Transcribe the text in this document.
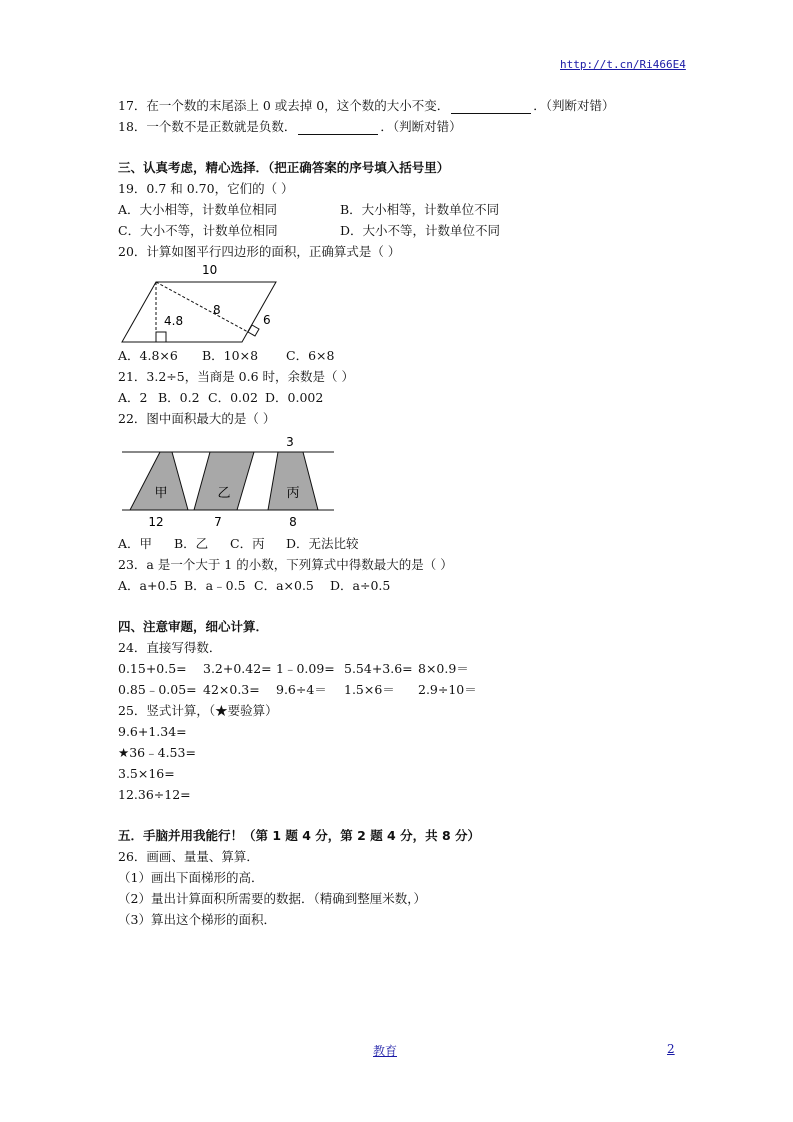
http://t.cn/Ri466E4
17．在一个数的末尾添上 0 或去掉 0，这个数的大小不变．	．（判断对错）
18．一个数不是正数就是负数．	．（判断对错）
三、认真考虑，精心选择．（把正确答案的序号填入括号里）
19．0.7 和 0.70，它们的（ ）
A．大小相等，计数单位相同	B．大小相等，计数单位不同
C．大小不等，计数单位相同	D．大小不等，计数单位不同
20．计算如图平行四边形的面积，正确算式是（ ）
10
4.8
8
6
A．4.8×6 B．10×8 C．6×8
21．3.2÷5，当商是 0.6 时，余数是（ ）
A．2 B．0.2 C．0.02 D．0.002
22．图中面积最大的是（ ）
3
甲	乙	丙
12	7	8
A．甲 B．乙 C．丙 D．无法比较
23．a 是一个大于 1 的小数，下列算式中得数最大的是（ ）
A．a+0.5 B．a﹣0.5 C．a×0.5 D．a÷0.5
四、注意审题，细心计算．
24．直接写得数．
0.15+0.5= 3.2+0.42= 1﹣0.09= 5.54+3.6= 8×0.9＝
0.85﹣0.05= 42×0.3= 9.6÷4＝ 1.5×6＝ 2.9÷10＝
25．竖式计算，（★要验算）
9.6+1.34=
★36﹣4.53=
3.5×16=
12.36÷12=
五．手脑并用我能行！（第 1 题 4 分，第 2 题 4 分，共 8 分）
26．画画、量量、算算．
（1）画出下面梯形的高．
（2）量出计算面积所需要的数据．（精确到整厘米数，）
（3）算出这个梯形的面积．
教育	2
